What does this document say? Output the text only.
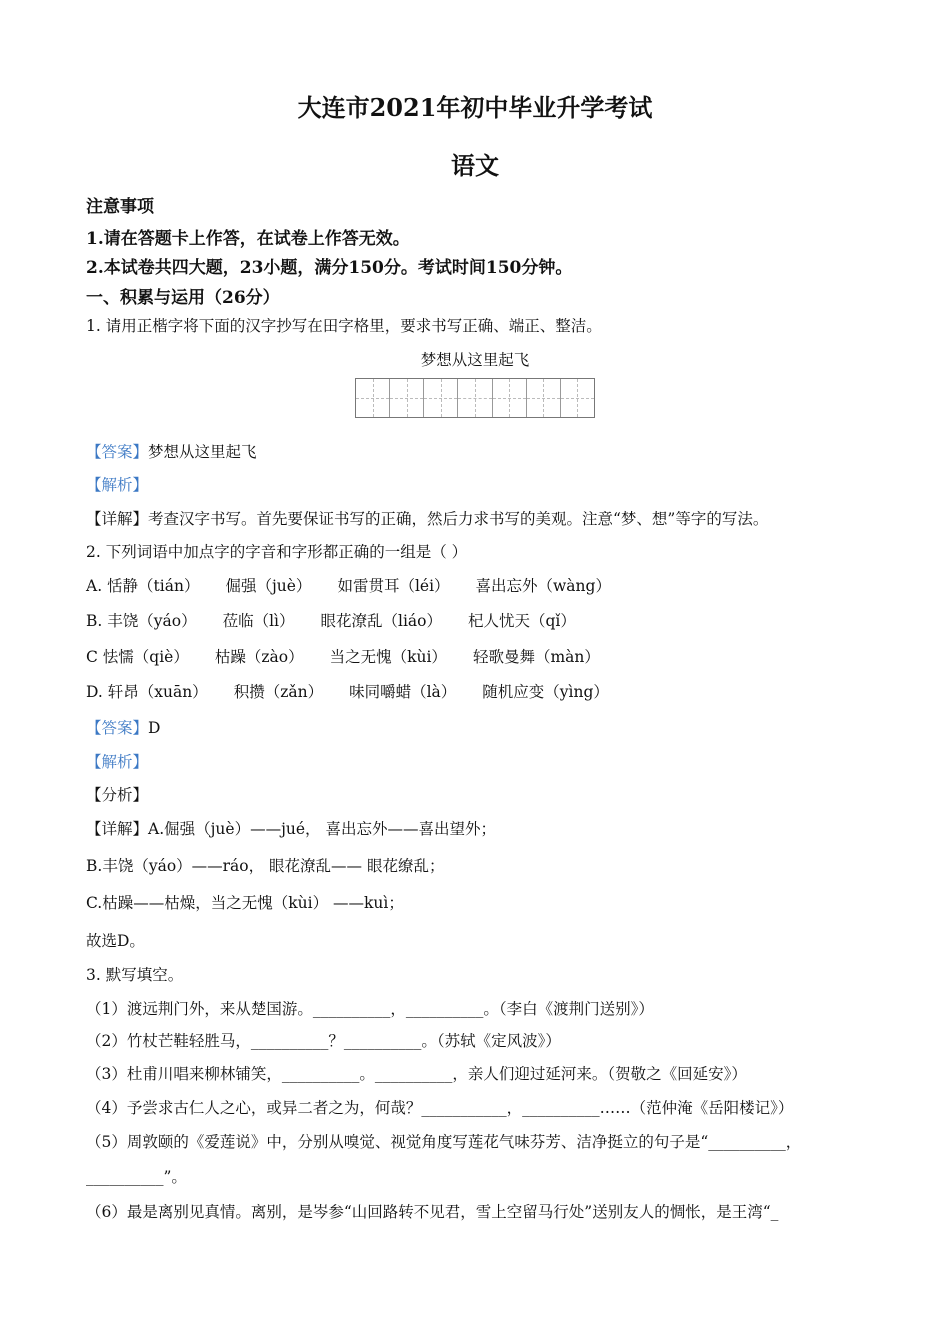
大连市2021年初中毕业升学考试
语文
注意事项
1.请在答题卡上作答，在试卷上作答无效。
2.本试卷共四大题，23小题，满分150分。考试时间150分钟。
一、积累与运用（26分）
1. 请用正楷字将下面的汉字抄写在田字格里，要求书写正确、端正、整洁。
梦想从这里起飞
【答案】梦想从这里起飞
【解析】
【详解】考查汉字书写。首先要保证书写的正确，然后力求书写的美观。注意“梦、想”等字的写法。
2. 下列词语中加点字的字音和字形都正确的一组是（ ）
A. 恬静（tián） 倔强（juè） 如雷贯耳（léi） 喜出忘外（wàng）
B. 丰饶（yáo） 莅临（lì） 眼花潦乱（liáo） 杞人忧天（qǐ）
C 怯懦（qiè） 枯躁（zào） 当之无愧（kùi） 轻歌曼舞（màn）
D. 轩昂（xuān） 积攒（zǎn） 味同嚼蜡（là） 随机应变（yìng）
【答案】D
【解析】
【分析】
【详解】A.倔强（juè）——jué， 喜出忘外——喜出望外；
B.丰饶（yáo）——ráo， 眼花潦乱—— 眼花缭乱；
C.枯躁——枯燥，当之无愧（kùi） ——kuì；
故选D。
3. 默写填空。
（1）渡远荆门外，来从楚国游。__________，__________。（李白《渡荆门送别》）
（2）竹杖芒鞋轻胜马，__________？__________。（苏轼《定风波》）
（3）杜甫川唱来柳林铺笑，__________。__________，亲人们迎过延河来。（贺敬之《回延安》）
（4）予尝求古仁人之心，或异二者之为，何哉？___________，__________……（范仲淹《岳阳楼记》）
（5）周敦颐的《爱莲说》中，分别从嗅觉、视觉角度写莲花气味芬芳、洁净挺立的句子是“__________，
__________”。
（6）最是离别见真情。离别，是岑参“山回路转不见君，雪上空留马行处”送别友人的惆怅，是王湾“_
